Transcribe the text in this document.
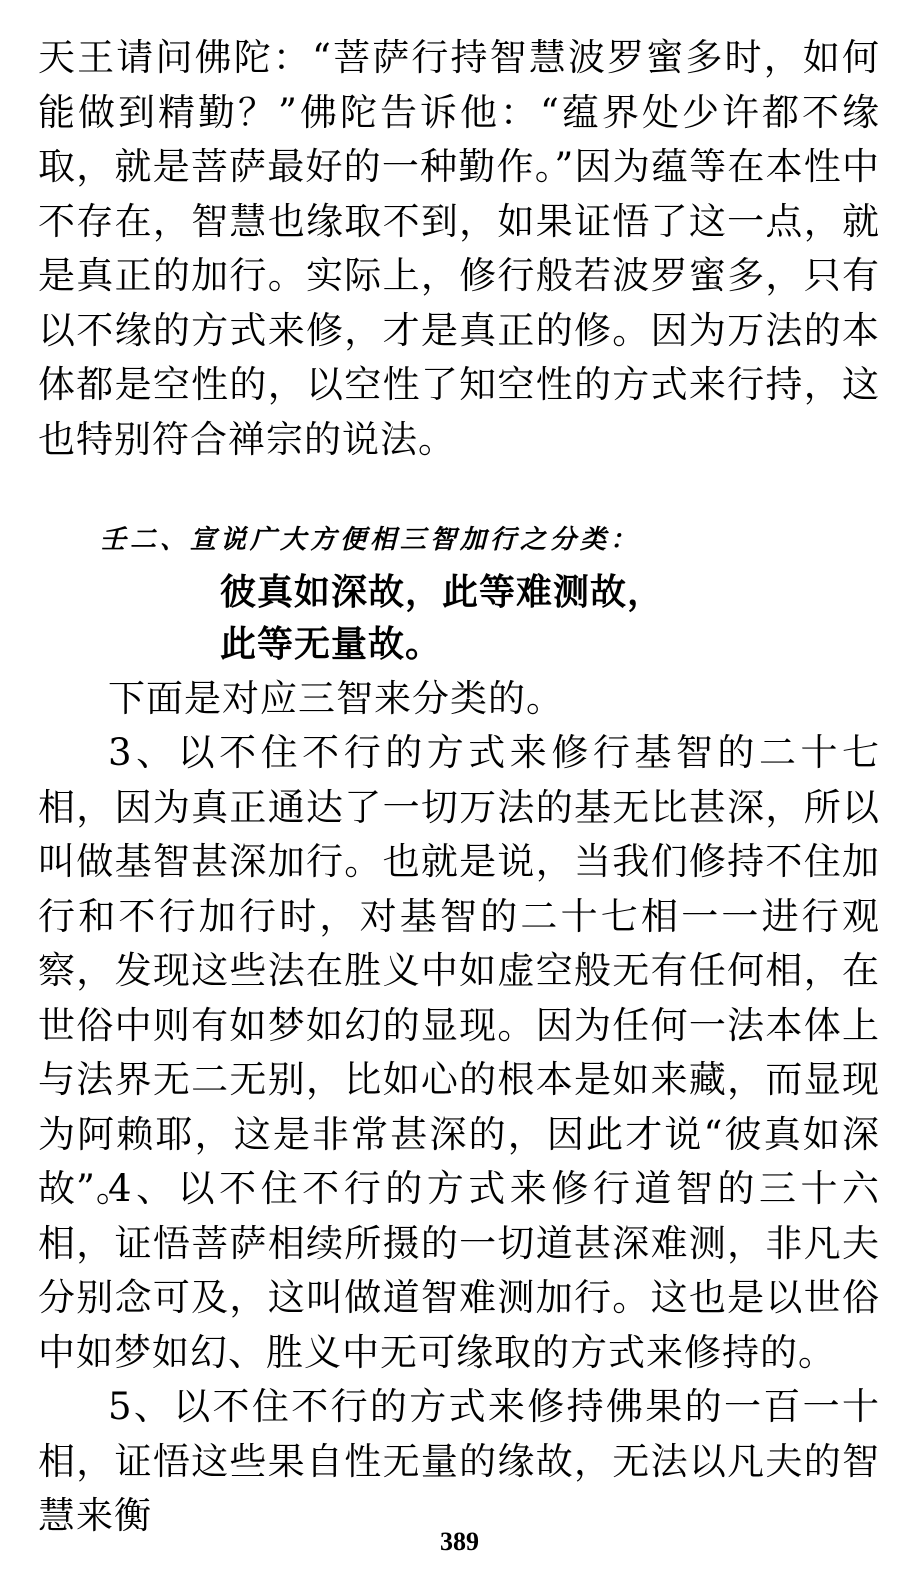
天王请问佛陀：“菩萨行持智慧波罗蜜多时，如何能做到精勤？”佛陀告诉他：“蕴界处少许都不缘取，就是菩萨最好的一种勤作。”因为蕴等在本性中不存在，智慧也缘取不到，如果证悟了这一点，就是真正的加行。实际上，修行般若波罗蜜多，只有以不缘的方式来修，才是真正的修。因为万法的本体都是空性的，以空性了知空性的方式来行持，这也特别符合禅宗的说法。

壬二、宣说广大方便相三智加行之分类：

彼真如深故，此等难测故，

此等无量故。

下面是对应三智来分类的。

3、以不住不行的方式来修行基智的二十七相，因为真正通达了一切万法的基无比甚深，所以叫做基智甚深加行。也就是说，当我们修持不住加行和不行加行时，对基智的二十七相一一进行观察，发现这些法在胜义中如虚空般无有任何相，在世俗中则有如梦如幻的显现。因为任何一法本体上与法界无二无别，比如心的根本是如来藏，而显现为阿赖耶，这是非常甚深的，因此才说“彼真如深故”。

4、以不住不行的方式来修行道智的三十六相，证悟菩萨相续所摄的一切道甚深难测，非凡夫分别念可及，这叫做道智难测加行。这也是以世俗中如梦如幻、胜义中无可缘取的方式来修持的。

5、以不住不行的方式来修持佛果的一百一十相，证悟这些果自性无量的缘故，无法以凡夫的智慧来衡

389
